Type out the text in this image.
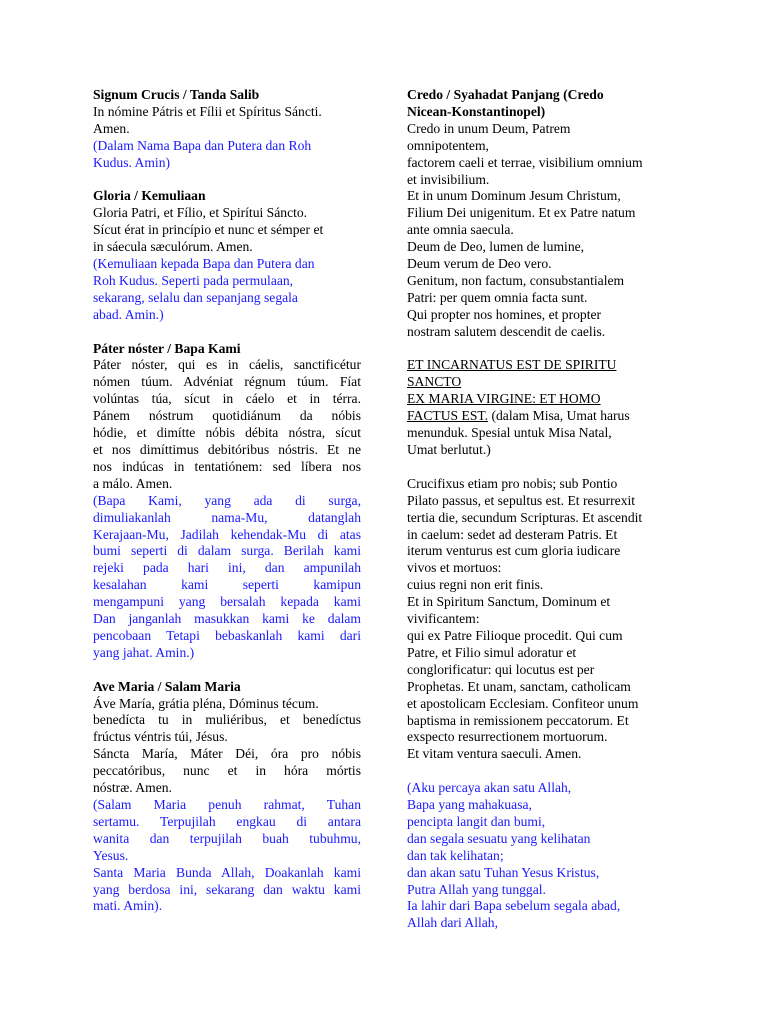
Signum Crucis / Tanda Salib
In nómine Pátris et Fílii et Spíritus Sáncti.
Amen.
(Dalam Nama Bapa dan Putera dan Roh
Kudus. Amin)
Gloria / Kemuliaan
Gloria Patri, et Fílio, et Spirítui Sáncto.
Sícut érat in princípio et nunc et sémper et
in sáecula sæculórum. Amen.
(Kemuliaan kepada Bapa dan Putera dan
Roh Kudus. Seperti pada permulaan,
sekarang, selalu dan sepanjang segala
abad. Amin.)
Páter nóster / Bapa Kami
Páter nóster, qui es in cáelis, sanctificétur
nómen túum. Advéniat régnum túum. Fíat
volúntas túa, sícut in cáelo et in térra.
Pánem nóstrum quotidiánum da nóbis
hódie, et dimítte nóbis débita nóstra, sícut
et nos dimíttimus debitóribus nóstris. Et ne
nos indúcas in tentatiónem: sed líbera nos
a málo. Amen.
(Bapa Kami, yang ada di surga,
dimuliakanlah nama-Mu, datanglah
Kerajaan-Mu, Jadilah kehendak-Mu di atas
bumi seperti di dalam surga. Berilah kami
rejeki pada hari ini, dan ampunilah
kesalahan kami seperti kamipun
mengampuni yang bersalah kepada kami
Dan janganlah masukkan kami ke dalam
pencobaan Tetapi bebaskanlah kami dari
yang jahat. Amin.)
Ave Maria / Salam Maria
Áve María, grátia pléna, Dóminus técum.
benedícta tu in muliéribus, et benedíctus
frúctus véntris túi, Jésus.
Sáncta María, Máter Déi, óra pro nóbis
peccatóribus, nunc et in hóra mórtis
nóstræ. Amen.
(Salam Maria penuh rahmat, Tuhan
sertamu. Terpujilah engkau di antara
wanita dan terpujilah buah tubuhmu,
Yesus.
Santa Maria Bunda Allah, Doakanlah kami
yang berdosa ini, sekarang dan waktu kami
mati. Amin).
Credo / Syahadat Panjang (Credo
Nicean-Konstantinopel)
Credo in unum Deum, Patrem
omnipotentem,
factorem caeli et terrae, visibilium omnium
et invisibilium.
Et in unum Dominum Jesum Christum,
Filium Dei unigenitum. Et ex Patre natum
ante omnia saecula.
Deum de Deo, lumen de lumine,
Deum verum de Deo vero.
Genitum, non factum, consubstantialem
Patri: per quem omnia facta sunt.
Qui propter nos homines, et propter
nostram salutem descendit de caelis.
ET INCARNATUS EST DE SPIRITU
SANCTO
EX MARIA VIRGINE: ET HOMO
FACTUS EST. (dalam Misa, Umat harus
menunduk. Spesial untuk Misa Natal,
Umat berlutut.)
Crucifixus etiam pro nobis; sub Pontio
Pilato passus, et sepultus est. Et resurrexit
tertia die, secundum Scripturas. Et ascendit
in caelum: sedet ad desteram Patris. Et
iterum venturus est cum gloria iudicare
vivos et mortuos:
cuius regni non erit finis.
Et in Spiritum Sanctum, Dominum et
vivificantem:
qui ex Patre Filioque procedit. Qui cum
Patre, et Filio simul adoratur et
conglorificatur: qui locutus est per
Prophetas. Et unam, sanctam, catholicam
et apostolicam Ecclesiam. Confiteor unum
baptisma in remissionem peccatorum. Et
exspecto resurrectionem mortuorum.
Et vitam ventura saeculi. Amen.
(Aku percaya akan satu Allah,
Bapa yang mahakuasa,
pencipta langit dan bumi,
dan segala sesuatu yang kelihatan
dan tak kelihatan;
dan akan satu Tuhan Yesus Kristus,
Putra Allah yang tunggal.
Ia lahir dari Bapa sebelum segala abad,
Allah dari Allah,
